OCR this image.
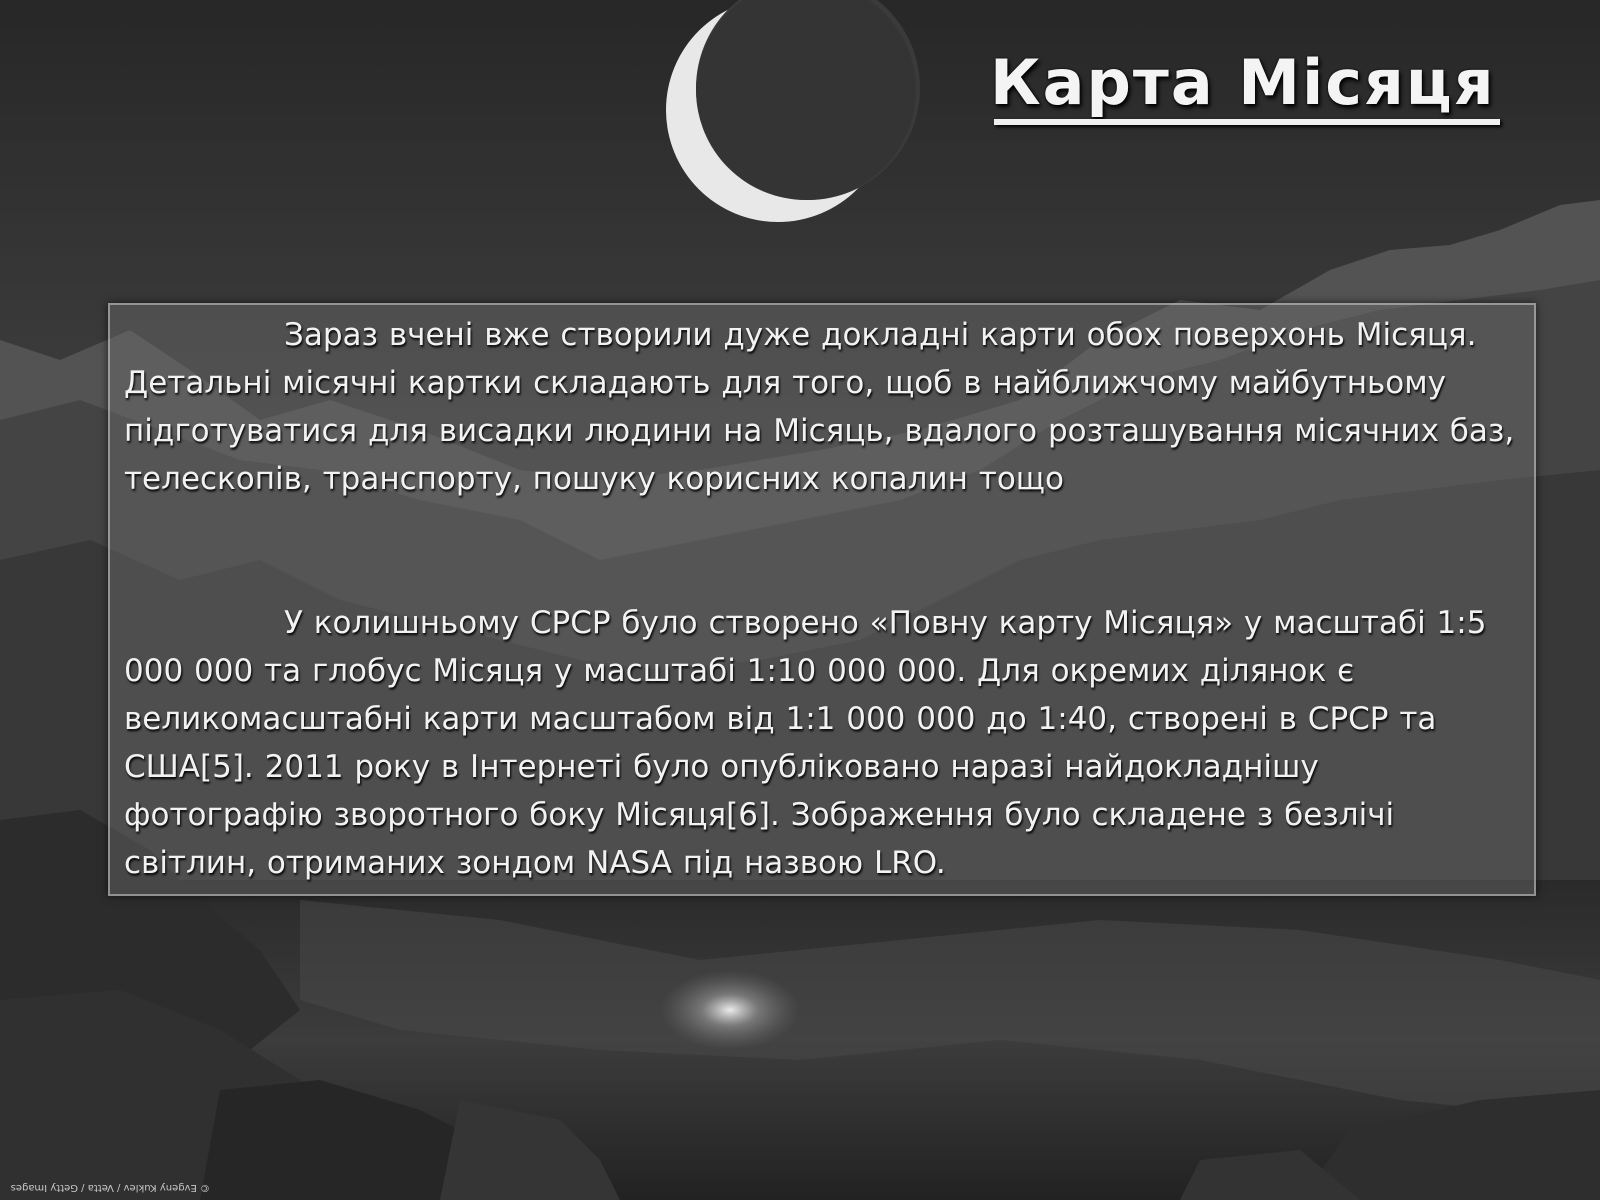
Карта Місяця

Зараз вчені вже створили дуже докладні карти обох поверхонь Місяця. Детальні місячні картки складають для того, щоб в найближчому майбутньому підготуватися для висадки людини на Місяць, вдалого розташування місячних баз, телескопів, транспорту, пошуку корисних копалин тощо

У колишньому СРСР було створено «Повну карту Місяця» у масштабі 1:5 000 000 та глобус Місяця у масштабі 1:10 000 000. Для окремих ділянок є великомасштабні карти масштабом від 1:1 000 000 до 1:40, створені в СРСР та США[5]. 2011 року в Інтернеті було опубліковано наразі найдокладнішу фотографію зворотного боку Місяця[6]. Зображення було складене з безлічі світлин, отриманих зондом NASA під назвою LRO.

© Evgeny Kuklev / Vetta / Getty Images
